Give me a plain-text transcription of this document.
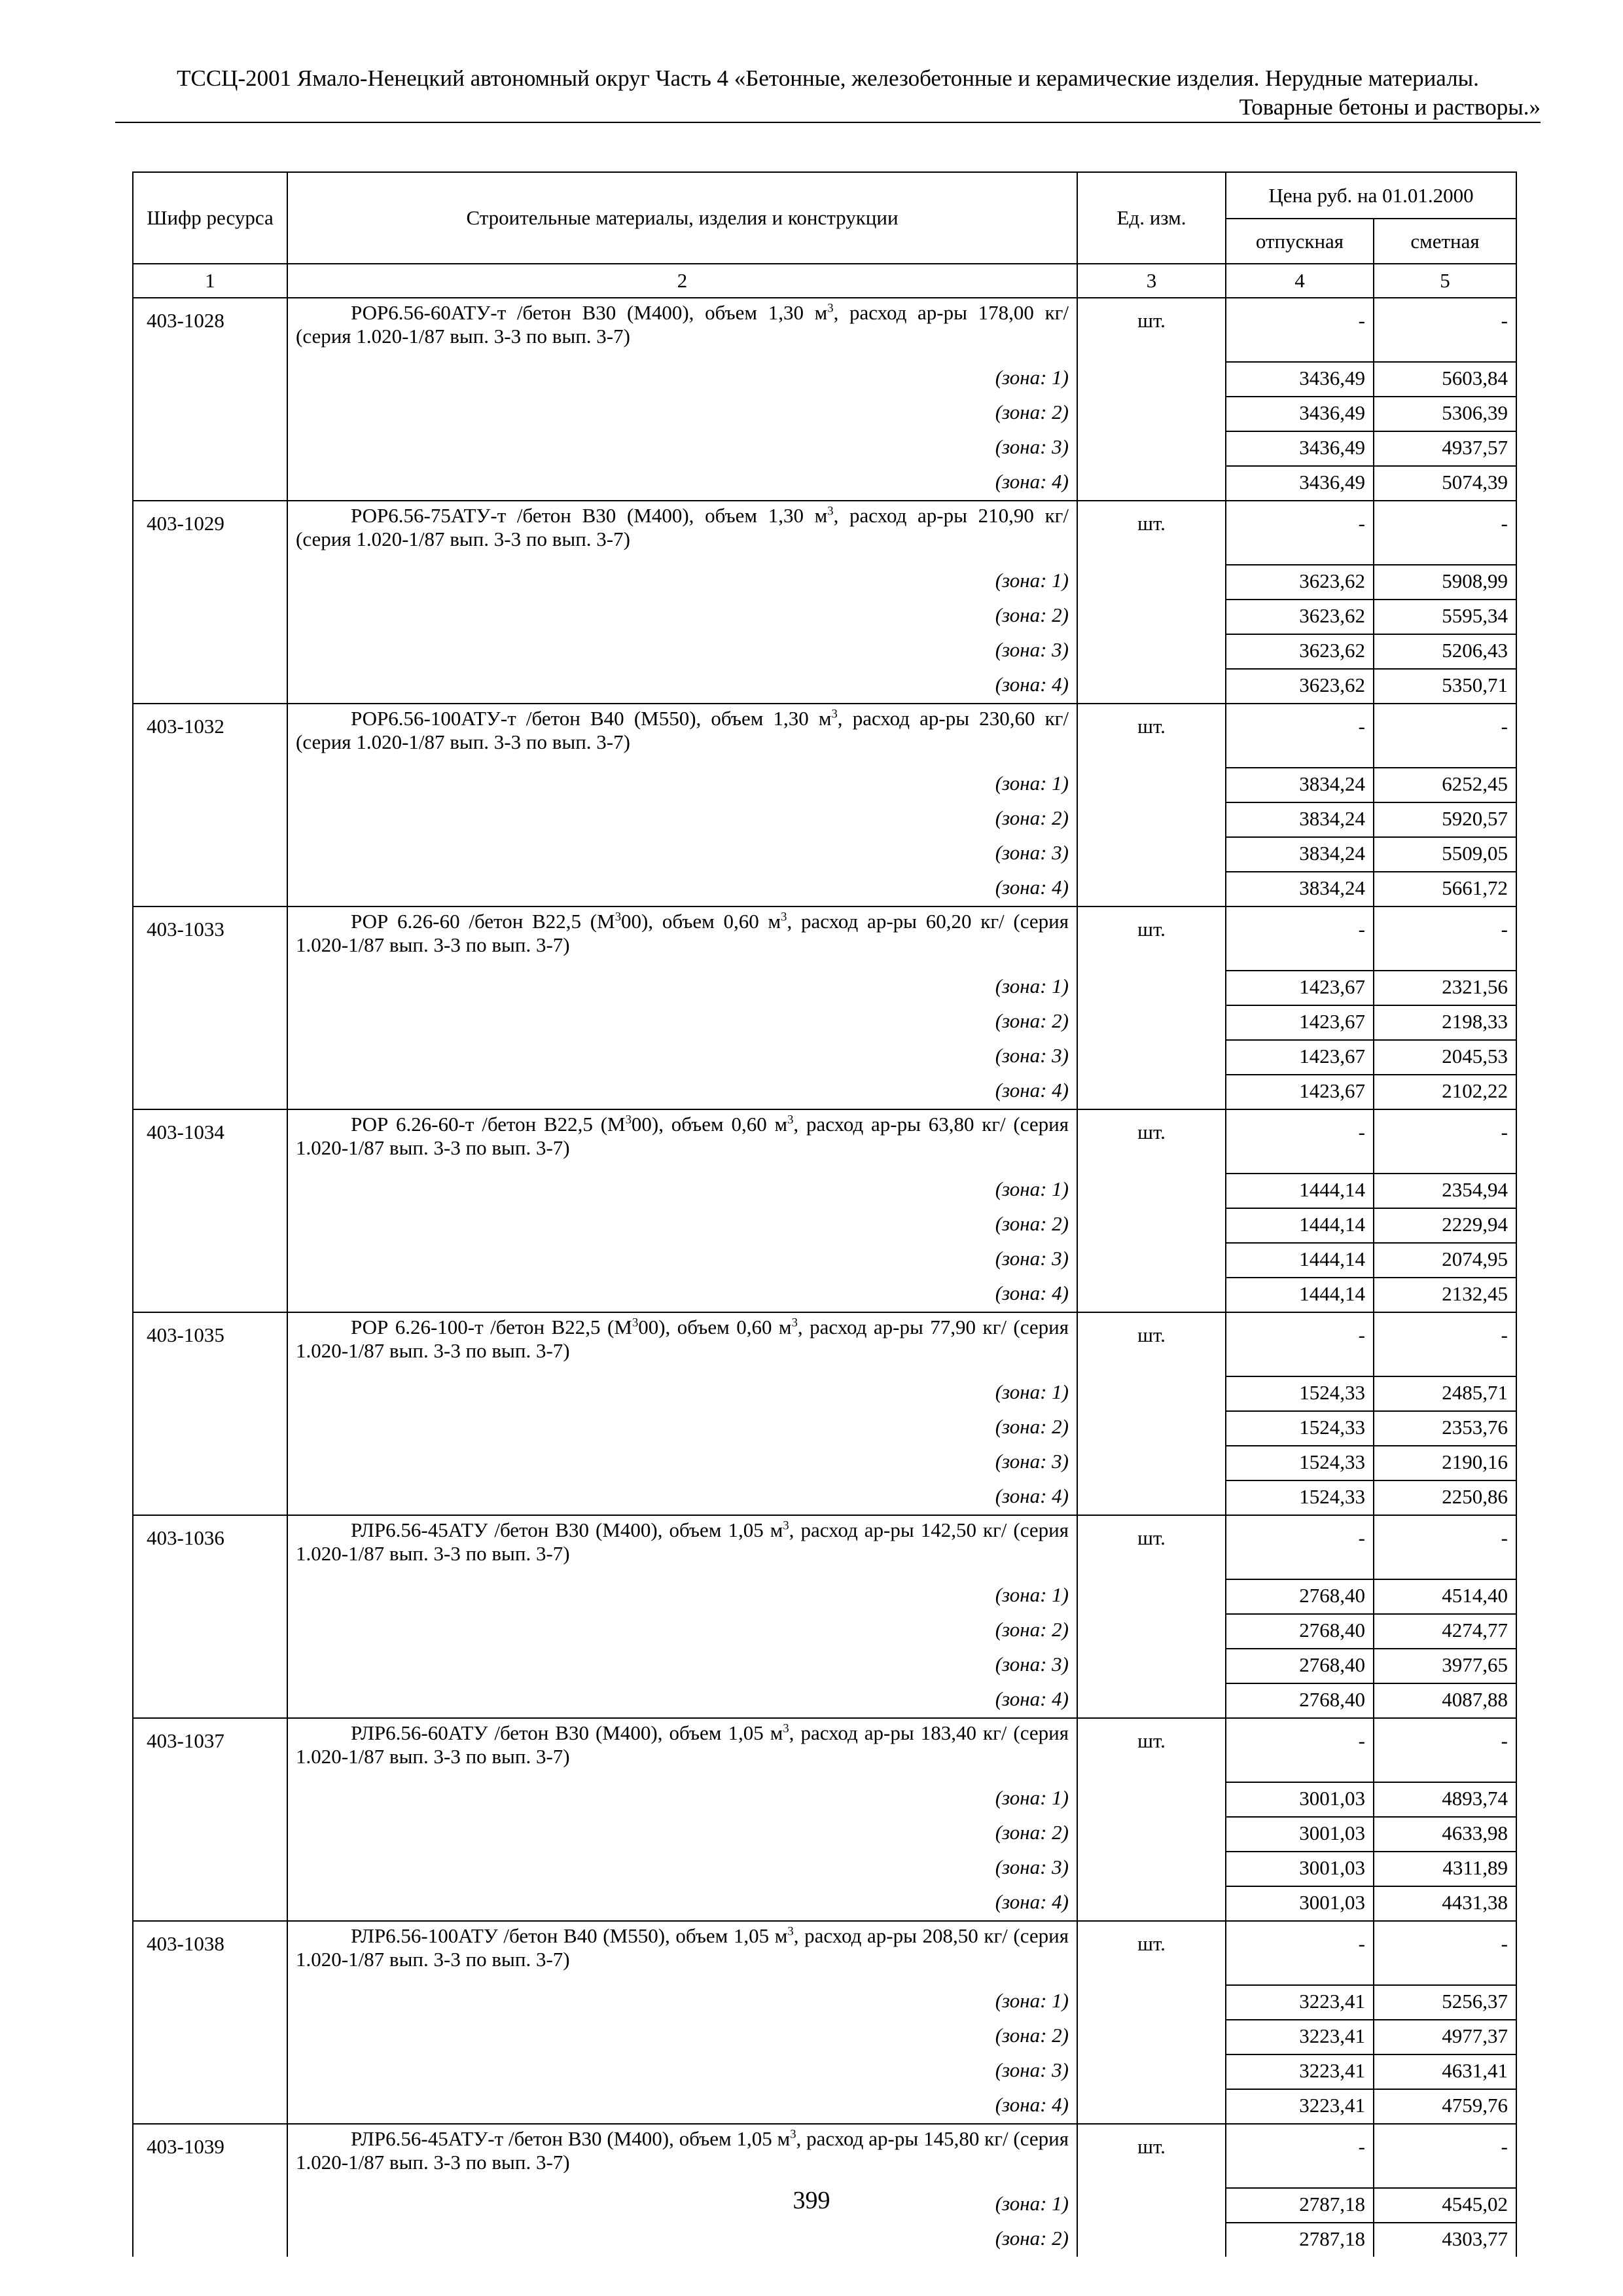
ТССЦ-2001 Ямало-Ненецкий автономный округ Часть 4 «Бетонные, железобетонные и керамические изделия. Нерудные материалы.
Товарные бетоны и растворы.»
Шифр ресурса	Строительные материалы, изделия и конструкции	Ед. изм.	Цена руб. на 01.01.2000	
			отпускная	сметная
1	2	3	4	5
403-1028	РОР6.56-60АТУ-т /бетон В30 (М400), объем 1,30 $м^3$, расход ар-ры 178,00 кг/ (серия 1.020-1/87 вып. 3-3 по вып. 3-7)	шт.	-	-
	(зона: 1)		3436,49	5603,84
	(зона: 2)		3436,49	5306,39
	(зона: 3)		3436,49	4937,57
	(зона: 4)		3436,49	5074,39
403-1029	РОР6.56-75АТУ-т /бетон В30 (М400), объем 1,30 $м^3$, расход ар-ры 210,90 кг/ (серия 1.020-1/87 вып. 3-3 по вып. 3-7)	шт.	-	-
	(зона: 1)		3623,62	5908,99
	(зона: 2)		3623,62	5595,34
	(зона: 3)		3623,62	5206,43
	(зона: 4)		3623,62	5350,71
403-1032	РОР6.56-100АТУ-т /бетон В40 (М550), объем 1,30 $м^3$, расход ар-ры 230,60 кг/ (серия 1.020-1/87 вып. 3-3 по вып. 3-7)	шт.	-	-
	(зона: 1)		3834,24	6252,45
	(зона: 2)		3834,24	5920,57
	(зона: 3)		3834,24	5509,05
	(зона: 4)		3834,24	5661,72
403-1033	РОР 6.26-60 /бетон В22,5 $(М^300)$, объем 0,60 $м^3$, расход ар-ры 60,20 кг/ (серия 1.020-1/87 вып. 3-3 по вып. 3-7)	шт.	-	-
	(зона: 1)		1423,67	2321,56
	(зона: 2)		1423,67	2198,33
	(зона: 3)		1423,67	2045,53
	(зона: 4)		1423,67	2102,22
403-1034	РОР 6.26-60-т /бетон В22,5 $(М^300)$, объем 0,60 $м^3$, расход ар-ры 63,80 кг/ (серия 1.020-1/87 вып. 3-3 по вып. 3-7)	шт.	-	-
	(зона: 1)		1444,14	2354,94
	(зона: 2)		1444,14	2229,94
	(зона: 3)		1444,14	2074,95
	(зона: 4)		1444,14	2132,45
403-1035	РОР 6.26-100-т /бетон В22,5 $(М^300)$, объем 0,60 $м^3$, расход ар-ры 77,90 кг/ (серия 1.020-1/87 вып. 3-3 по вып. 3-7)	шт.	-	-
	(зона: 1)		1524,33	2485,71
	(зона: 2)		1524,33	2353,76
	(зона: 3)		1524,33	2190,16
	(зона: 4)		1524,33	2250,86
403-1036	РЛР6.56-45АТУ /бетон В30 (М400), объем 1,05 $м^3$, расход ар-ры 142,50 кг/ (серия 1.020-1/87 вып. 3-3 по вып. 3-7)	шт.	-	-
	(зона: 1)		2768,40	4514,40
	(зона: 2)		2768,40	4274,77
	(зона: 3)		2768,40	3977,65
	(зона: 4)		2768,40	4087,88
403-1037	РЛР6.56-60АТУ /бетон В30 (М400), объем 1,05 $м^3$, расход ар-ры 183,40 кг/ (серия 1.020-1/87 вып. 3-3 по вып. 3-7)	шт.	-	-
	(зона: 1)		3001,03	4893,74
	(зона: 2)		3001,03	4633,98
	(зона: 3)		3001,03	4311,89
	(зона: 4)		3001,03	4431,38
403-1038	РЛР6.56-100АТУ /бетон В40 (М550), объем 1,05 $м^3$, расход ар-ры 208,50 кг/ (серия 1.020-1/87 вып. 3-3 по вып. 3-7)	шт.	-	-
	(зона: 1)		3223,41	5256,37
	(зона: 2)		3223,41	4977,37
	(зона: 3)		3223,41	4631,41
	(зона: 4)		3223,41	4759,76
403-1039	РЛР6.56-45АТУ-т /бетон В30 (М400), объем 1,05 $м^3$, расход ар-ры 145,80 кг/ (серия 1.020-1/87 вып. 3-3 по вып. 3-7)	шт.	-	-
	(зона: 1)		2787,18	4545,02
	(зона: 2)		2787,18	4303,77
399
